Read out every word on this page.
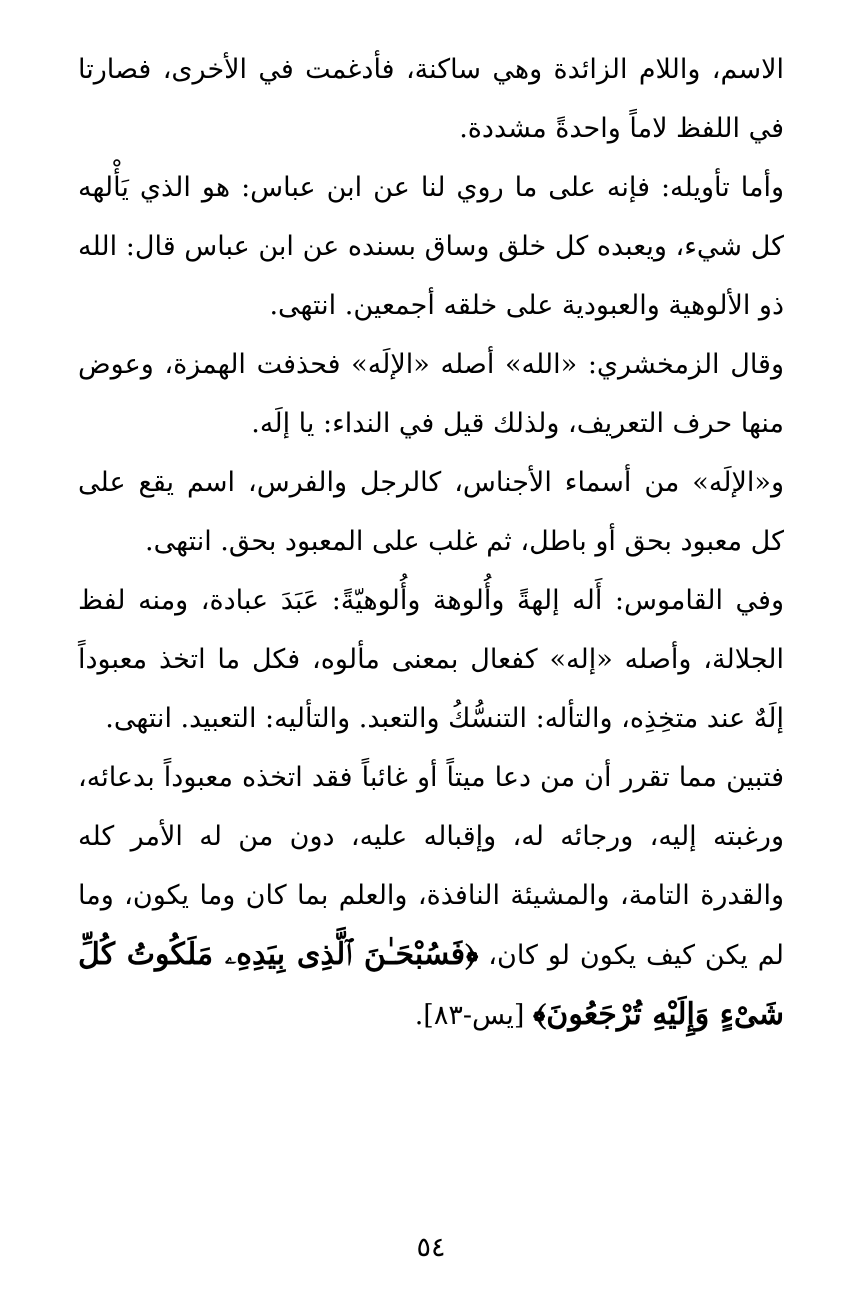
الاسم، واللام الزائدة وهي ساكنة، فأدغمت في الأخرى، فصارتا في اللفظ لاماً واحدةً مشددة.

وأما تأويله: فإنه على ما روي لنا عن ابن عباس: هو الذي يَأْلهه كل شيء، ويعبده كل خلق وساق بسنده عن ابن عباس قال: الله ذو الألوهية والعبودية على خلقه أجمعين. انتهى.

وقال الزمخشري: «الله» أصله «الإلَه» فحذفت الهمزة، وعوض منها حرف التعريف، ولذلك قيل في النداء: يا إلَه.

و«الإلَه» من أسماء الأجناس، كالرجل والفرس، اسم يقع على كل معبود بحق أو باطل، ثم غلب على المعبود بحق. انتهى.

وفي القاموس: أَله إلهةً وأُلوهة وأُلوهيّةً: عَبَدَ عبادة، ومنه لفظ الجلالة، وأصله «إله» كفعال بمعنى مألوه، فكل ما اتخذ معبوداً إلَهٌ عند متخِذِه، والتأله: التنسُّكُ والتعبد. والتأليه: التعبيد. انتهى.

فتبين مما تقرر أن من دعا ميتاً أو غائباً فقد اتخذه معبوداً بدعائه، ورغبته إليه، ورجائه له، وإقباله عليه، دون من له الأمر كله والقدرة التامة، والمشيئة النافذة، والعلم بما كان وما يكون، وما لم يكن كيف يكون لو كان، ﴿فَسُبْحَـٰنَ ٱلَّذِى بِيَدِهِۦ مَلَكُوتُ كُلِّ شَىْءٍ وَإِلَيْهِ تُرْجَعُونَ﴾ [يس-٨٣].

٥٤
